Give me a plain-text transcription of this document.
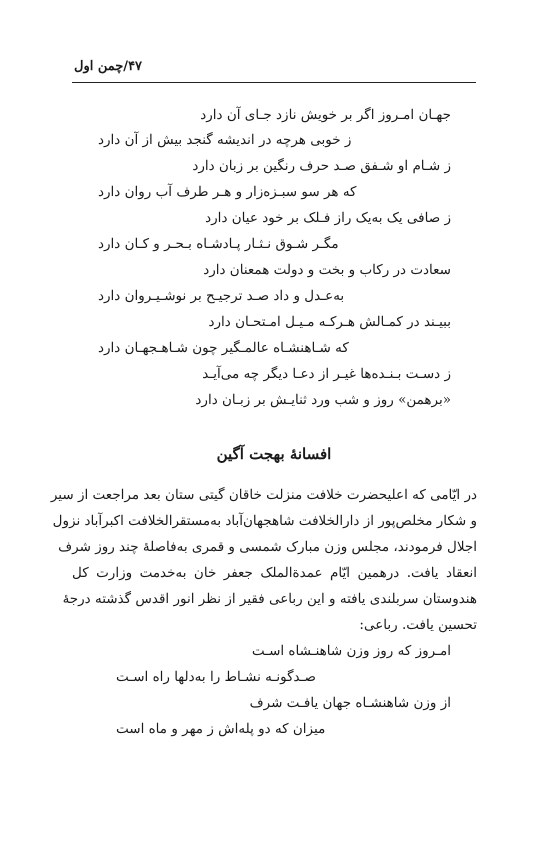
۴۷/چمن اول
جهـان امـروز اگر بر خویش نازد جـای آن دارد
ز خوبی هرچه در اندیشه گنجد بیش از آن دارد
ز شـام او شـفق صـد حرف رنگین بر زبان دارد
که هر سو سبـزه‌زار و هـر طرف آب روان دارد
ز صافی یک به‌یک راز فـلک بر خود عیان دارد
مگـر شـوق نـثـار پـادشـاه بـحـر و کـان دارد
سعادت در رکاب و بخت و دولت همعنان دارد
به‌عـدل و داد صـد ترجیـح بر نوشـیـروان دارد
ببیـند در کمـالش هـرکـه مـیـل امـتحـان دارد
که شـاهنشـاه عالمـگیر چون شـاهـجهـان دارد
ز دسـت بـنـده‌ها غیـر از دعـا دیگر چه می‌آیـد
«برهمن» روز و شب ورد ثنایـش بر زبـان دارد
افسانهٔ بهجت آگین
در ایّامی که اعلیحضرت خلافت منزلت خاقان گیتی ستان بعد مراجعت از سیر
و شکار مخلص‌پور از دارالخلافت شاهجهان‌آباد به‌مستقرالخلافت اکبرآباد نزول
اجلال فرمودند، مجلس وزن مبارک شمسی و قمری به‌فاصلهٔ چند روز شرف
انعقاد یافت. درهمین ایّام عمدةالملک جعفر خان به‌خدمت وزارت کل
هندوستان سربلندی یافته و این رباعی فقیر از نظر انور اقدس گذشته درجهٔ
تحسین یافت. رباعی:
امـروز که روز وزن شاهنـشاه اسـت
صـدگونـه نشـاط را به‌دلها راه اسـت
از وزن شاهنشـاه جهان یافـت شرف
میزان که دو پله‌اش ز مهر و ماه است
